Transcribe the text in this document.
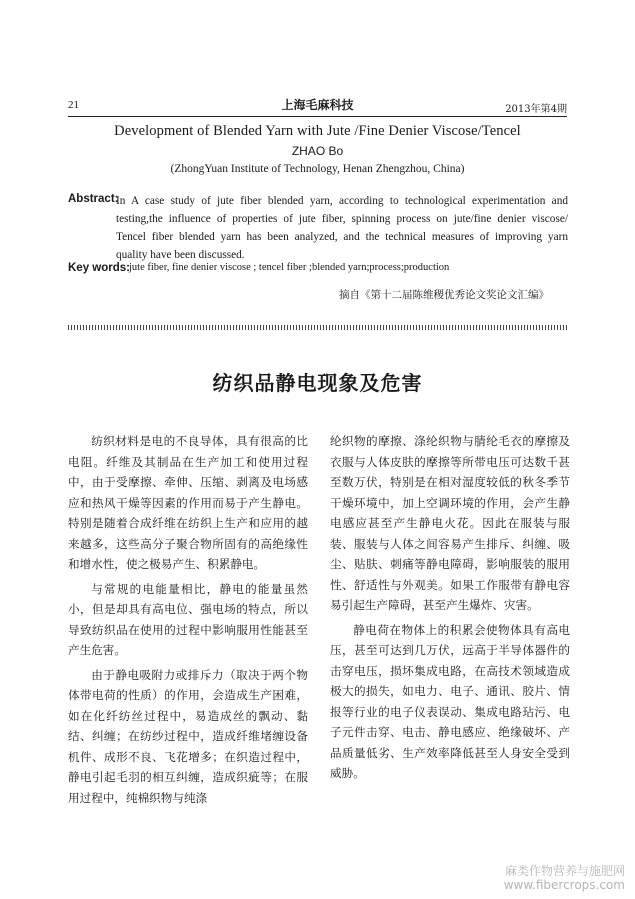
21	上海毛麻科技	2013年第4期
Development of Blended Yarn with Jute /Fine Denier Viscose/Tencel
ZHAO Bo
(ZhongYuan Institute of Technology, Henan Zhengzhou, China)
Abstract:
In A case study of jute fiber blended yarn, according to technological experimentation and
testing,the influence of properties of jute fiber, spinning process on jute/fine denier viscose/
Tencel fiber blended yarn has been analyzed, and the technical measures of improving yarn
quality have been discussed.
Key words: jute fiber, fine denier viscose ; tencel fiber ;blended yarn;process;production
摘自《第十二届陈维稷优秀论文奖论文汇编》
纺织品静电现象及危害

纺织材料是电的不良导体，具有很高的比电阻。纤维及其制品在生产加工和使用过程中，由于受摩擦、牵伸、压缩、剥离及电场感应和热风干燥等因素的作用而易于产生静电。特别是随着合成纤维在纺织上生产和应用的越来越多，这些高分子聚合物所固有的高绝缘性和增水性，使之极易产生、积累静电。

与常规的电能量相比，静电的能量虽然小，但是却具有高电位、强电场的特点，所以导致纺织品在使用的过程中影响服用性能甚至产生危害。

由于静电吸附力或排斥力（取决于两个物体带电荷的性质）的作用，会造成生产困难，如在化纤纺丝过程中，易造成丝的飘动、黏结、纠缠；在纺纱过程中，造成纤维堵缠设备机件、成形不良、飞花增多；在织造过程中，静电引起毛羽的相互纠缠，造成织疵等；在服用过程中，纯棉织物与纯涤

纶织物的摩擦、涤纶织物与腈纶毛衣的摩擦及衣服与人体皮肤的摩擦等所带电压可达数千甚至数万伏，特别是在相对湿度较低的秋冬季节干燥环境中，加上空调环境的作用，会产生静电感应甚至产生静电火花。因此在服装与服装、服装与人体之间容易产生排斥、纠缠、吸尘、贴肤、刺痛等静电障碍，影响服装的服用性、舒适性与外观美。如果工作服带有静电容易引起生产障碍，甚至产生爆炸、灾害。

静电荷在物体上的积累会使物体具有高电压，甚至可达到几万伏，远高于半导体器件的击穿电压，损坏集成电路，在高技术领域造成极大的损失，如电力、电子、通讯、胶片、情报等行业的电子仪表误动、集成电路玷污、电子元件击穿、电击、静电感应、绝缘破坏、产品质量低劣、生产效率降低甚至人身安全受到威胁。

麻类作物营养与施肥网
www.fibercrops.com
